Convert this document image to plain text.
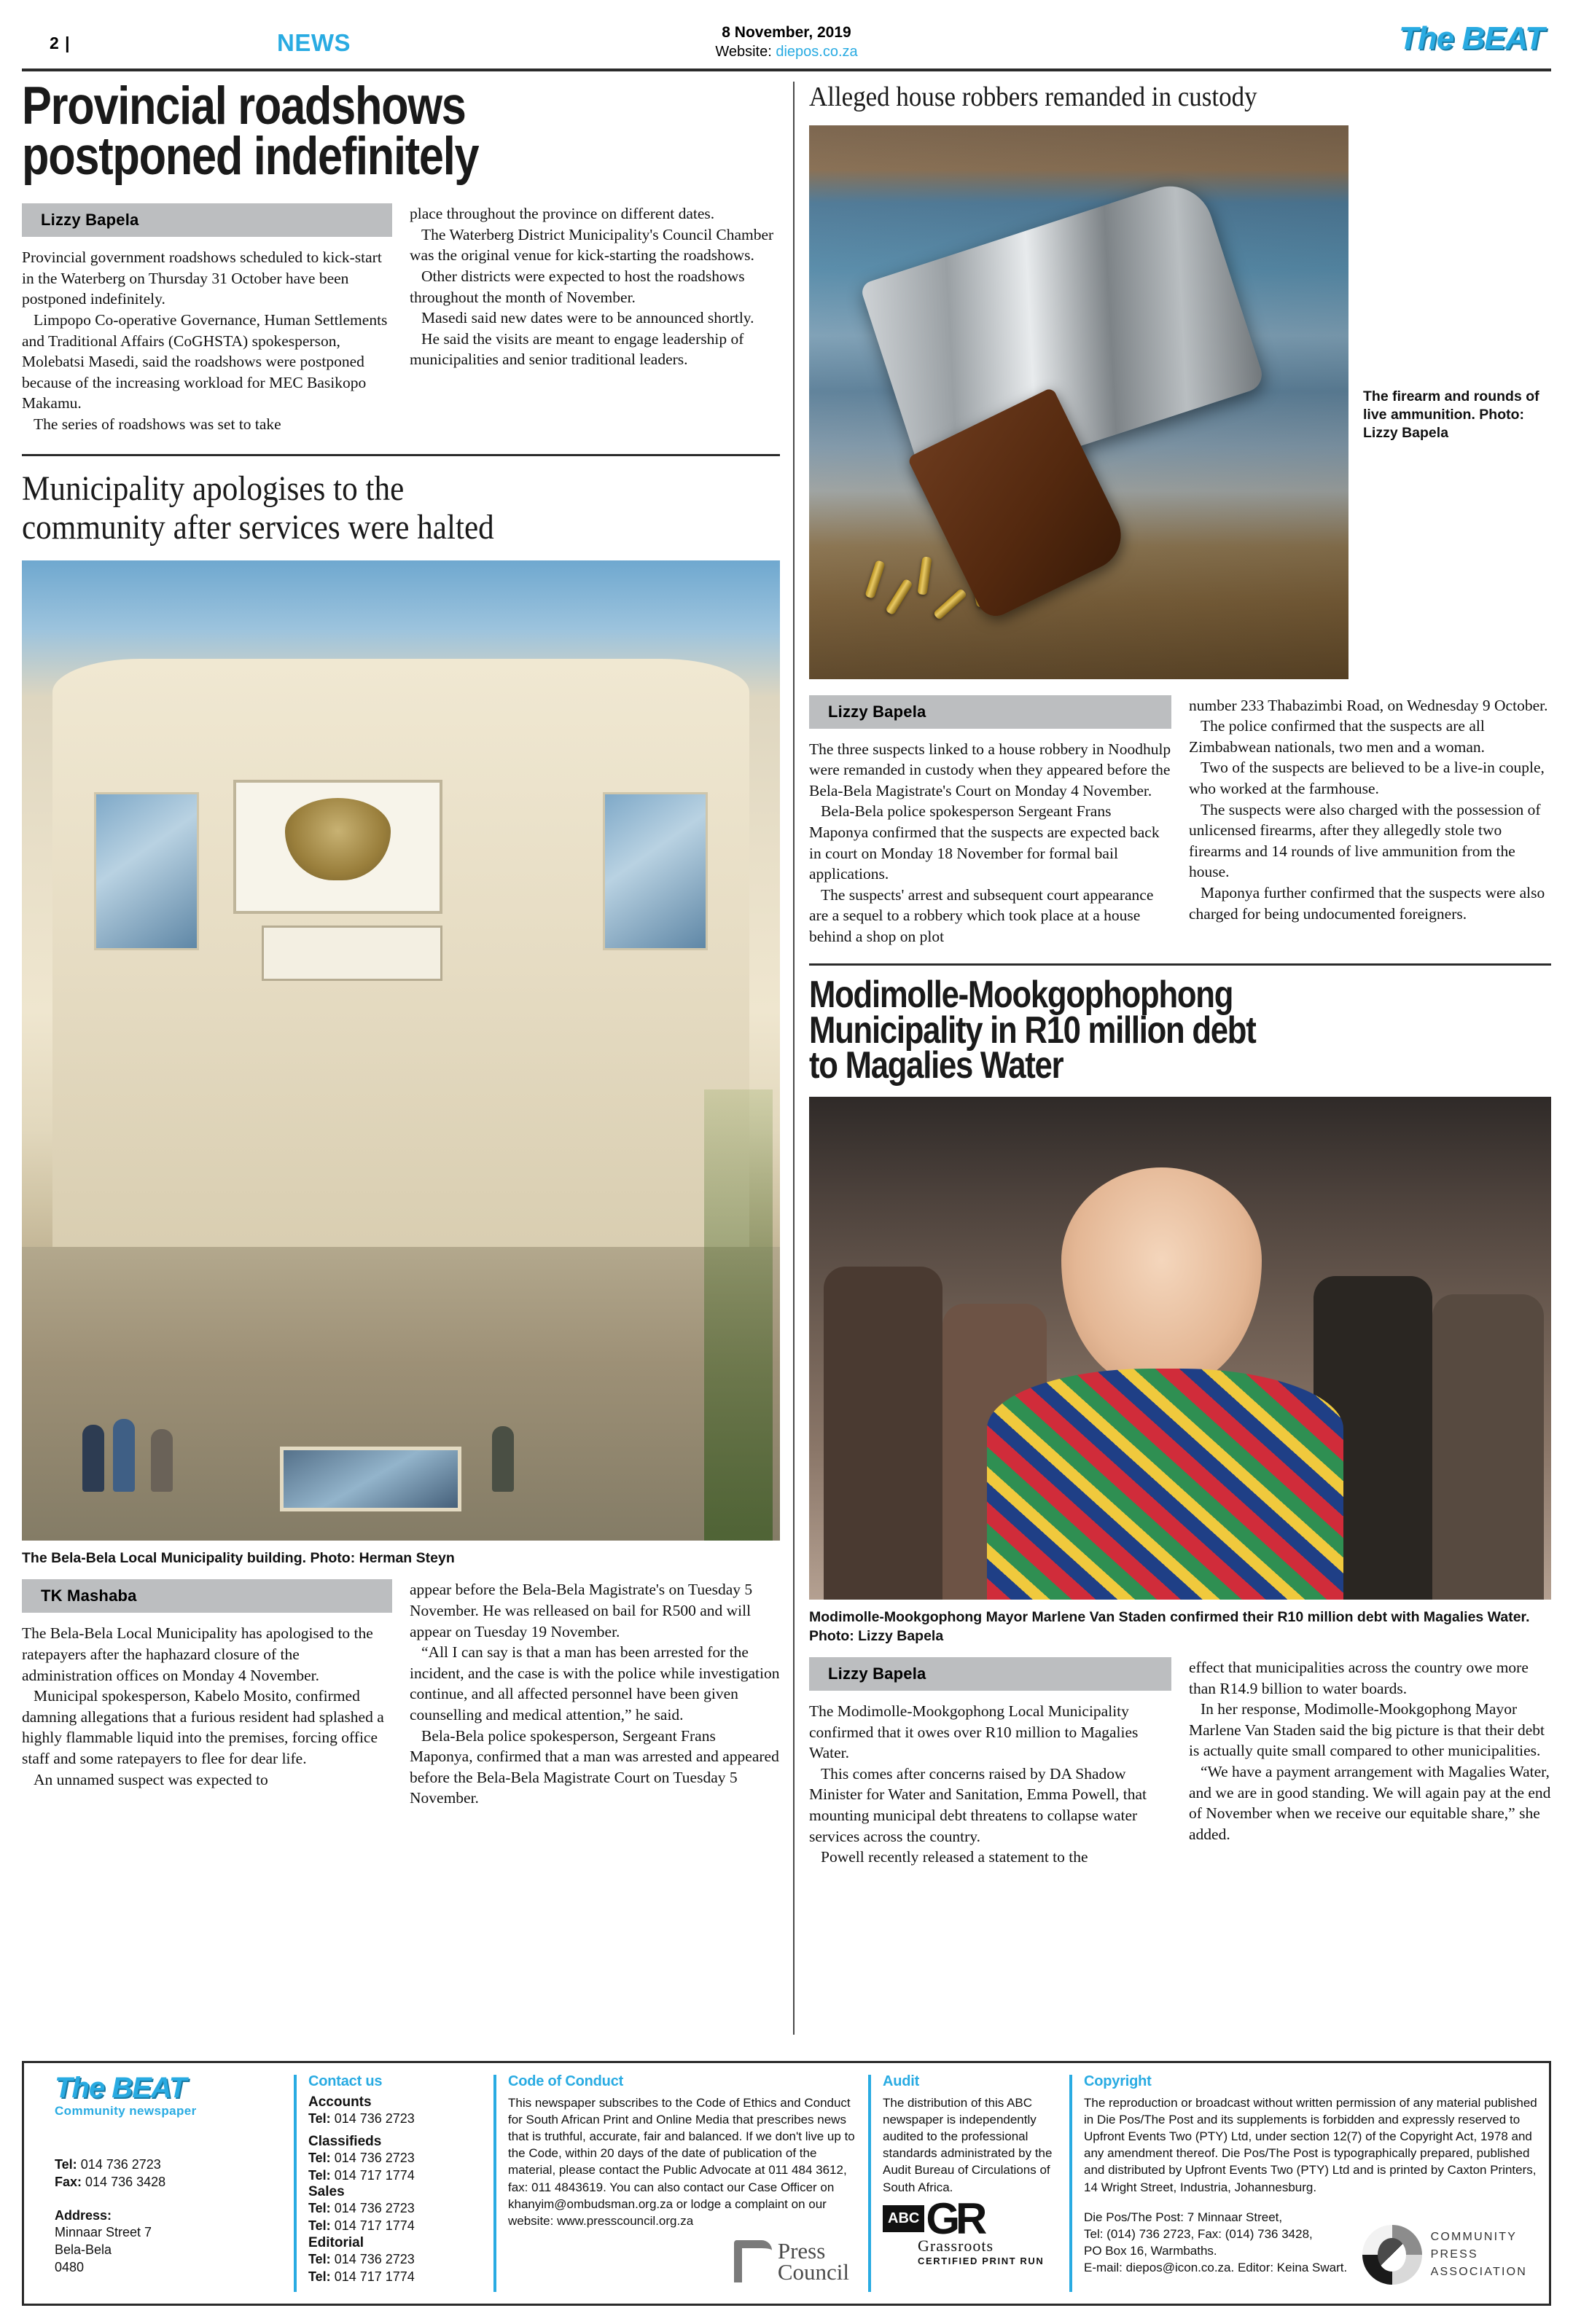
2 |	NEWS	8 November, 2019
Website: diepos.co.za	The BEAT
Provincial roadshows
postponed indefinitely
Lizzy Bapela

Provincial government roadshows scheduled to kick-start in the Waterberg on Thursday 31 October have been postponed indefinitely.

Limpopo Co-operative Governance, Human Settlements and Traditional Affairs (CoGHSTA) spokesperson, Molebatsi Masedi, said the roadshows were postponed because of the increasing workload for MEC Basikopo Makamu.

The series of roadshows was set to take

place throughout the province on different dates.

The Waterberg District Municipality's Council Chamber was the original venue for kick-starting the roadshows.

Other districts were expected to host the roadshows throughout the month of November.

Masedi said new dates were to be announced shortly.

He said the visits are meant to engage leadership of municipalities and senior traditional leaders.

Municipality apologises to the
community after services were halted
The Bela-Bela Local Municipality building. Photo: Herman Steyn
TK Mashaba

The Bela-Bela Local Municipality has apologised to the ratepayers after the haphazard closure of the administration offices on Monday 4 November.

Municipal spokesperson, Kabelo Mosito, confirmed damning allegations that a furious resident had splashed a highly flammable liquid into the premises, forcing office staff and some ratepayers to flee for dear life.

An unnamed suspect was expected to

appear before the Bela-Bela Magistrate's on Tuesday 5 November. He was relleased on bail for R500 and will appear on Tuesday 19 November.

“All I can say is that a man has been arrested for the incident, and the case is with the police while investigation continue, and all affected personnel have been given counselling and medical attention,” he said.

Bela-Bela police spokesperson, Sergeant Frans Maponya, confirmed that a man was arrested and appeared before the Bela-Bela Magistrate Court on Tuesday 5 November.

Alleged house robbers remanded in custody
The firearm and rounds of live ammunition. Photo: Lizzy Bapela
Lizzy Bapela

The three suspects linked to a house robbery in Noodhulp were remanded in custody when they appeared before the Bela-Bela Magistrate's Court on Monday 4 November.

Bela-Bela police spokesperson Sergeant Frans Maponya confirmed that the suspects are expected back in court on Monday 18 November for formal bail applications.

The suspects' arrest and subsequent court appearance are a sequel to a robbery which took place at a house behind a shop on plot

number 233 Thabazimbi Road, on Wednesday 9 October.

The police confirmed that the suspects are all Zimbabwean nationals, two men and a woman.

Two of the suspects are believed to be a live-in couple, who worked at the farmhouse.

The suspects were also charged with the possession of unlicensed firearms, after they allegedly stole two firearms and 14 rounds of live ammunition from the house.

Maponya further confirmed that the suspects were also charged for being undocumented foreigners.

Modimolle-Mookgophophong
Municipality in R10 million debt
to Magalies Water
Modimolle-Mookgophong Mayor Marlene Van Staden confirmed their R10 million debt with Magalies Water. Photo: Lizzy Bapela
Lizzy Bapela

The Modimolle-Mookgophong Local Municipality confirmed that it owes over R10 million to Magalies Water.

This comes after concerns raised by DA Shadow Minister for Water and Sanitation, Emma Powell, that mounting municipal debt threatens to collapse water services across the country.

Powell recently released a statement to the

effect that municipalities across the country owe more than R14.9 billion to water boards.

In her response, Modimolle-Mookgophong Mayor Marlene Van Staden said the big picture is that their debt is actually quite small compared to other municipalities.

“We have a payment arrangement with Magalies Water, and we are in good standing. We will again pay at the end of November when we receive our equitable share,” she added.

The BEAT
Community newspaper
Tel: 014 736 2723
Fax: 014 736 3428
Address:
Minnaar Street 7
Bela-Bela
0480
Contact us
Accounts
Tel: 014 736 2723
Classifieds
Tel: 014 736 2723
Tel: 014 717 1774
Sales
Tel: 014 736 2723
Tel: 014 717 1774
Editorial
Tel: 014 736 2723
Tel: 014 717 1774
Code of Conduct
This newspaper subscribes to the Code of Ethics and Conduct for South African Print and Online Media that prescribes news that is truthful, accurate, fair and balanced. If we don't live up to the Code, within 20 days of the date of publication of the material, please contact the Public Advocate at 011 484 3612, fax: 011 4843619. You can also contact our Case Officer on khanyim@ombudsman.org.za or lodge a complaint on our website: www.presscouncil.org.za
Press
Council
Audit
The distribution of this ABC newspaper is independently audited to the professional standards administrated by the Audit Bureau of Circulations of South Africa.
ABC GR
Grassroots
CERTIFIED PRINT RUN
Copyright
The reproduction or broadcast without written permission of any material published in Die Pos/The Post and its supplements is forbidden and expressly reserved to Upfront Events Two (PTY) Ltd, under section 12(7) of the Copyright Act, 1978 and any amendment thereof. Die Pos/The Post is typographically prepared, published and distributed by Upfront Events Two (PTY) Ltd and is printed by Caxton Printers, 14 Wright Street, Industria, Johannesburg.
Die Pos/The Post: 7 Minnaar Street,
Tel: (014) 736 2723, Fax: (014) 736 3428,
PO Box 16, Warmbaths.
E-mail: diepos@icon.co.za. Editor: Keina Swart.
COMMUNITY
PRESS
ASSOCIATION
